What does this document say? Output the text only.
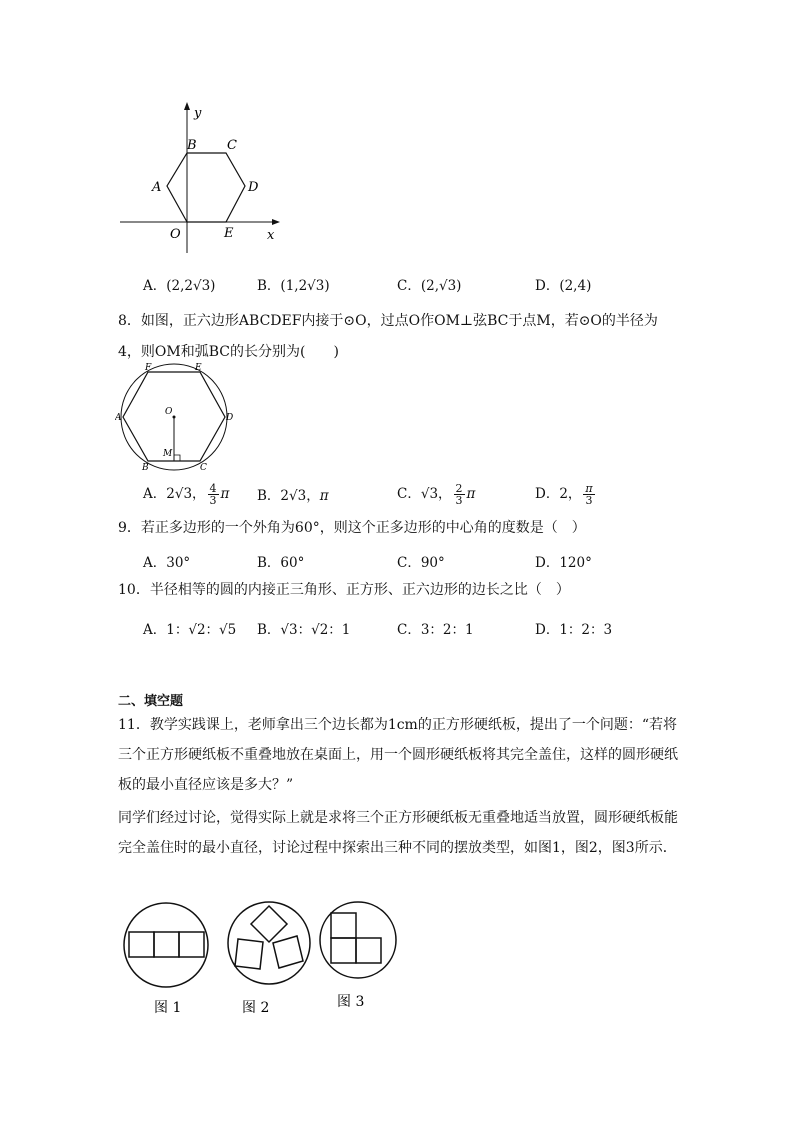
y
x
A
B C
D
E
O
A．(2,2√3)	B．(1,2√3)	C．(2,√3)	D．(2,4)
8．如图，正六边形ABCDEF内接于⊙O，过点O作OM⊥弦BC于点M，若⊙O的半径为
4，则OM和弧BC的长分别为(　　)
F	E
A	D
O
M
B	C
A．2√3， $\frac{4}{3}$ π B．2√3，π	C．√3， $\frac{2}{3}$ π	D．2， $\frac{\pi}{3}$
9．若正多边形的一个外角为60°，则这个正多边形的中心角的度数是（　）
A．30°	B．60°	C．90°	D．120°
10．半径相等的圆的内接正三角形、正方形、正六边形的边长之比（　）
A．1：√2：√5 B．√3：√2：1	C．3：2：1	D．1：2：3
二、填空题
11．教学实践课上，老师拿出三个边长都为1cm的正方形硬纸板，提出了一个问题：“若将三个正方形硬纸板不重叠地放在桌面上，用一个圆形硬纸板将其完全盖住，这样的圆形硬纸板的最小直径应该是多大？”
同学们经过讨论，觉得实际上就是求将三个正方形硬纸板无重叠地适当放置，圆形硬纸板能完全盖住时的最小直径，讨论过程中探索出三种不同的摆放类型，如图1，图2，图3所示．
图 1	图 2	图 3
